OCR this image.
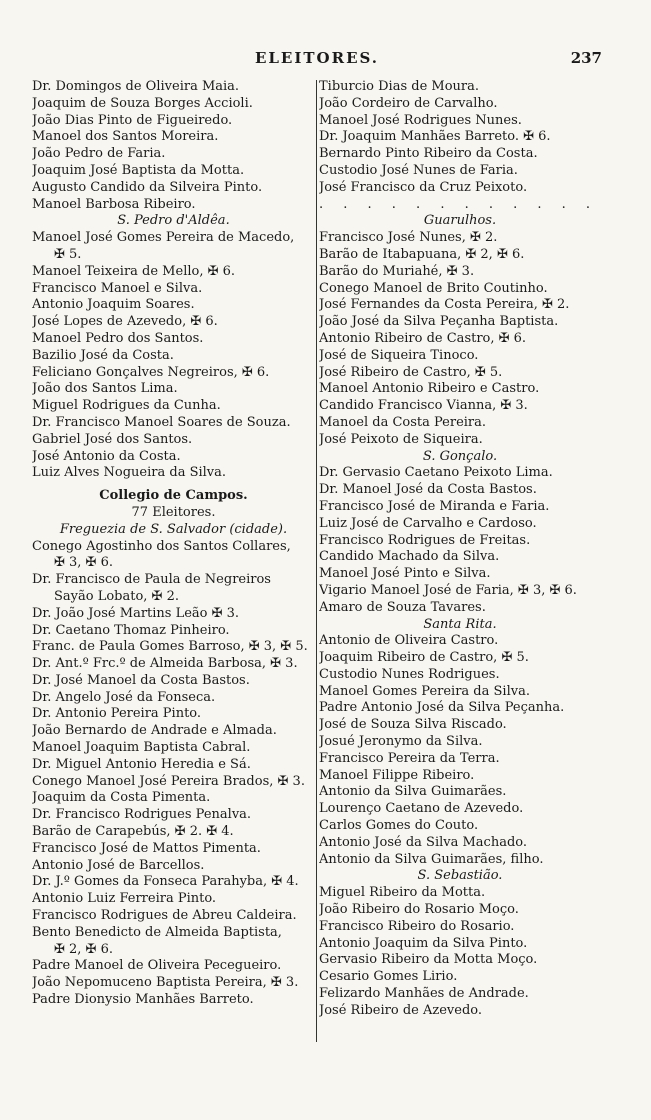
ELEITORES.	237
Dr. Domingos de Oliveira Maia.
Joaquim de Souza Borges Accioli.
João Dias Pinto de Figueiredo.
Manoel dos Santos Moreira.
João Pedro de Faria.
Joaquim José Baptista da Motta.
Augusto Candido da Silveira Pinto.
Manoel Barbosa Ribeiro.
S. Pedro d'Aldêa.
Manoel José Gomes Pereira de Macedo,
✠ 5.
Manoel Teixeira de Mello, ✠ 6.
Francisco Manoel e Silva.
Antonio Joaquim Soares.
José Lopes de Azevedo, ✠ 6.
Manoel Pedro dos Santos.
Bazilio José da Costa.
Feliciano Gonçalves Negreiros, ✠ 6.
João dos Santos Lima.
Miguel Rodrigues da Cunha.
Dr. Francisco Manoel Soares de Souza.
Gabriel José dos Santos.
José Antonio da Costa.
Luiz Alves Nogueira da Silva.
Collegio de Campos.
77 Eleitores.
Freguezia de S. Salvador (cidade).
Conego Agostinho dos Santos Collares,
✠ 3, ✠ 6.
Dr. Francisco de Paula de Negreiros
Sayão Lobato, ✠ 2.
Dr. João José Martins Leão ✠ 3.
Dr. Caetano Thomaz Pinheiro.
Franc. de Paula Gomes Barroso, ✠ 3, ✠ 5.
Dr. Ant.º Frc.º de Almeida Barbosa, ✠ 3.
Dr. José Manoel da Costa Bastos.
Dr. Angelo José da Fonseca.
Dr. Antonio Pereira Pinto.
João Bernardo de Andrade e Almada.
Manoel Joaquim Baptista Cabral.
Dr. Miguel Antonio Heredia e Sá.
Conego Manoel José Pereira Brados, ✠ 3.
Joaquim da Costa Pimenta.
Dr. Francisco Rodrigues Penalva.
Barão de Carapebús, ✠ 2. ✠ 4.
Francisco José de Mattos Pimenta.
Antonio José de Barcellos.
Dr. J.º Gomes da Fonseca Parahyba, ✠ 4.
Antonio Luiz Ferreira Pinto.
Francisco Rodrigues de Abreu Caldeira.
Bento Benedicto de Almeida Baptista,
✠ 2, ✠ 6.
Padre Manoel de Oliveira Pecegueiro.
João Nepomuceno Baptista Pereira, ✠ 3.
Padre Dionysio Manhães Barreto.
Tiburcio Dias de Moura.
João Cordeiro de Carvalho.
Manoel José Rodrigues Nunes.
Dr. Joaquim Manhães Barreto. ✠ 6.
Bernardo Pinto Ribeiro da Costa.
Custodio José Nunes de Faria.
José Francisco da Cruz Peixoto.
. . . . . . . . . . . .
Guarulhos.
Francisco José Nunes, ✠ 2.
Barão de Itabapuana, ✠ 2, ✠ 6.
Barão do Muriahé, ✠ 3.
Conego Manoel de Brito Coutinho.
José Fernandes da Costa Pereira, ✠ 2.
João José da Silva Peçanha Baptista.
Antonio Ribeiro de Castro, ✠ 6.
José de Siqueira Tinoco.
José Ribeiro de Castro, ✠ 5.
Manoel Antonio Ribeiro e Castro.
Candido Francisco Vianna, ✠ 3.
Manoel da Costa Pereira.
José Peixoto de Siqueira.
S. Gonçalo.
Dr. Gervasio Caetano Peixoto Lima.
Dr. Manoel José da Costa Bastos.
Francisco José de Miranda e Faria.
Luiz José de Carvalho e Cardoso.
Francisco Rodrigues de Freitas.
Candido Machado da Silva.
Manoel José Pinto e Silva.
Vigario Manoel José de Faria, ✠ 3, ✠ 6.
Amaro de Souza Tavares.
Santa Rita.
Antonio de Oliveira Castro.
Joaquim Ribeiro de Castro, ✠ 5.
Custodio Nunes Rodrigues.
Manoel Gomes Pereira da Silva.
Padre Antonio José da Silva Peçanha.
José de Souza Silva Riscado.
Josué Jeronymo da Silva.
Francisco Pereira da Terra.
Manoel Filippe Ribeiro.
Antonio da Silva Guimarães.
Lourenço Caetano de Azevedo.
Carlos Gomes do Couto.
Antonio José da Silva Machado.
Antonio da Silva Guimarães, filho.
S. Sebastião.
Miguel Ribeiro da Motta.
João Ribeiro do Rosario Moço.
Francisco Ribeiro do Rosario.
Antonio Joaquim da Silva Pinto.
Gervasio Ribeiro da Motta Moço.
Cesario Gomes Lirio.
Felizardo Manhães de Andrade.
José Ribeiro de Azevedo.
